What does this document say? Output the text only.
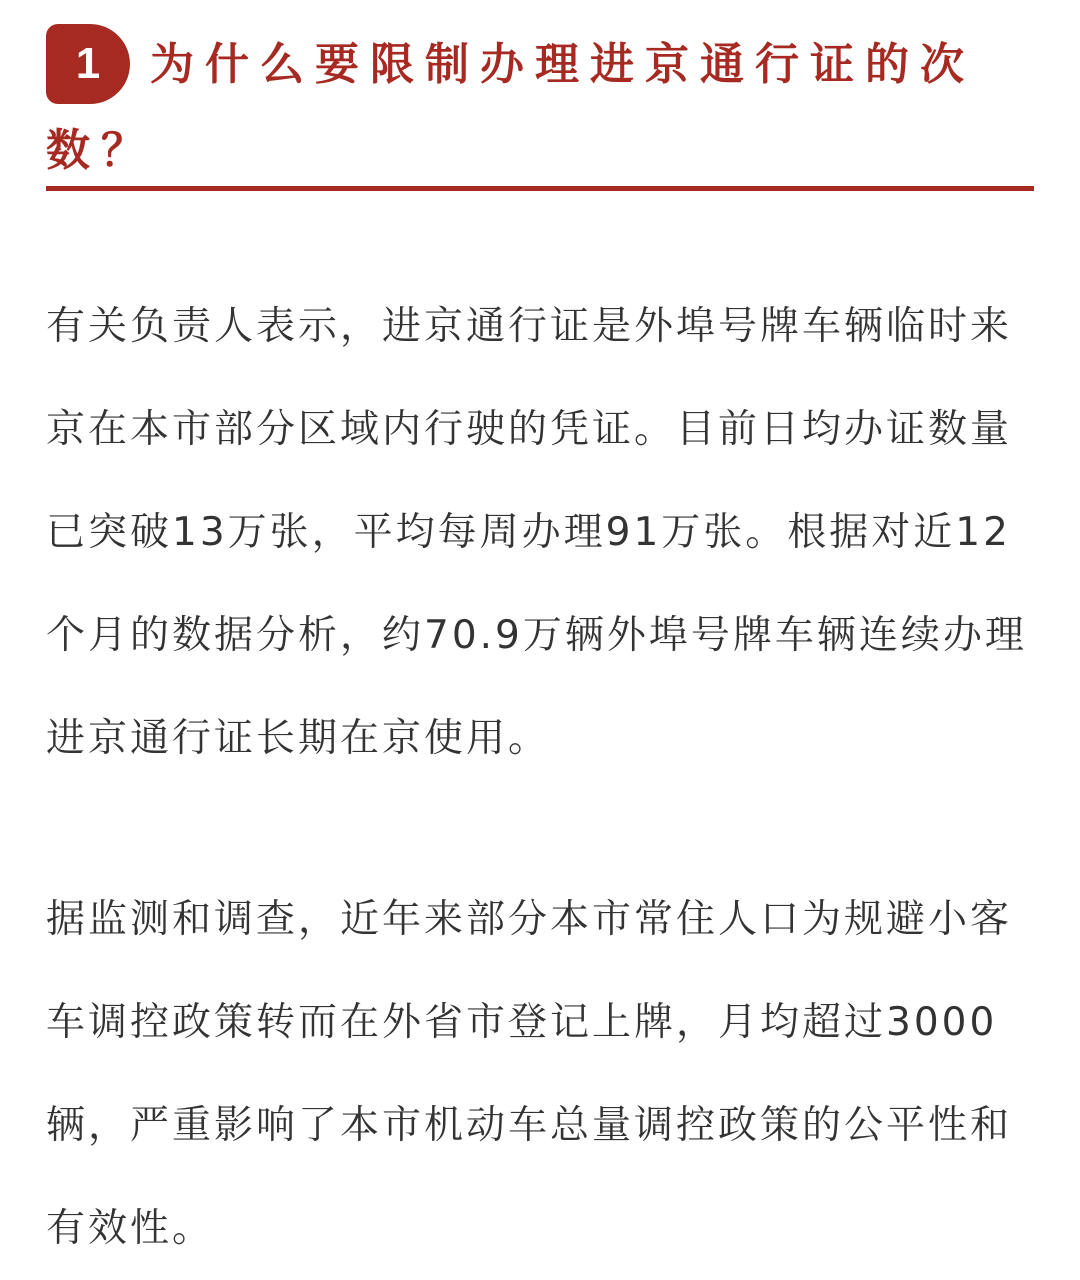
为什么要限制办理进京通行证的次数？
1

有关负责人表示，进京通行证是外埠号牌车辆临时来京在本市部分区域内行驶的凭证。目前日均办证数量已突破13万张，平均每周办理91万张。根据对近12个月的数据分析，约70.9万辆外埠号牌车辆连续办理进京通行证长期在京使用。

据监测和调查，近年来部分本市常住人口为规避小客车调控政策转而在外省市登记上牌，月均超过3000辆，严重影响了本市机动车总量调控政策的公平性和有效性。
